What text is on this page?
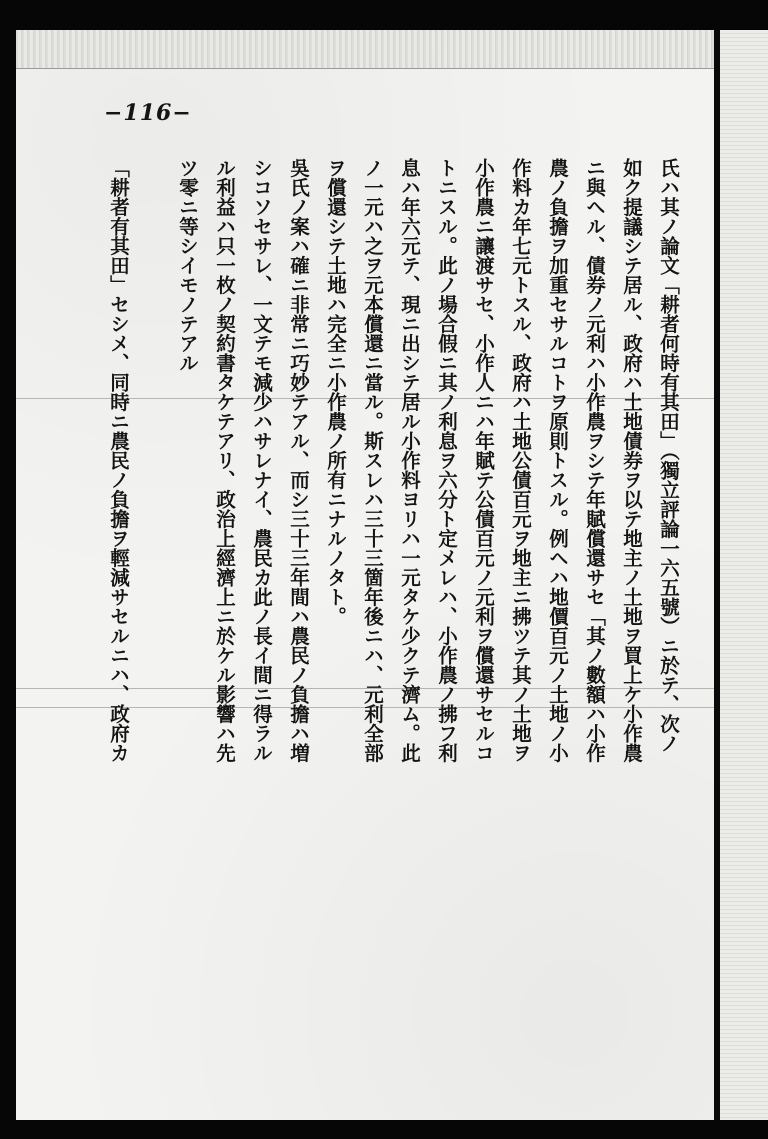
−116−
氏ハ其ノ論文「耕者何時有其田」（獨立評論一六五號）ニ於テ、次ノ
如ク提議シテ居ル、政府ハ土地債券ヲ以テ地主ノ土地ヲ買上ケ小作農
ニ與ヘル、債券ノ元利ハ小作農ヲシテ年賦償還サセ「其ノ數額ハ小作
農ノ負擔ヲ加重セサルコトヲ原則トスル。例ヘハ地價百元ノ土地ノ小
作料カ年七元トスル、政府ハ土地公債百元ヲ地主ニ拂ツテ其ノ土地ヲ
小作農ニ讓渡サセ、小作人ニハ年賦テ公債百元ノ元利ヲ償還サセルコ
トニスル。此ノ場合假ニ其ノ利息ヲ六分ト定メレハ、小作農ノ拂フ利
息ハ年六元テ、現ニ出シテ居ル小作料ヨリハ一元タケ少クテ濟ム。此
ノ一元ハ之ヲ元本償還ニ當ル。斯スレハ三十三箇年後ニハ、元利全部
ヲ償還シテ土地ハ完全ニ小作農ノ所有ニナルノタト。
吳氏ノ案ハ確ニ非常ニ巧妙テアル、而シ三十三年間ハ農民ノ負擔ハ増
シコソセサレ、一文テモ減少ハサレナイ、農民カ此ノ長イ間ニ得ラル
ル利益ハ只一枚ノ契約書タケテアリ、政治上經濟上ニ於ケル影響ハ先
ツ零ニ等シイモノテアル
「耕者有其田」セシメ、同時ニ農民ノ負擔ヲ輕減サセルニハ、政府カ
